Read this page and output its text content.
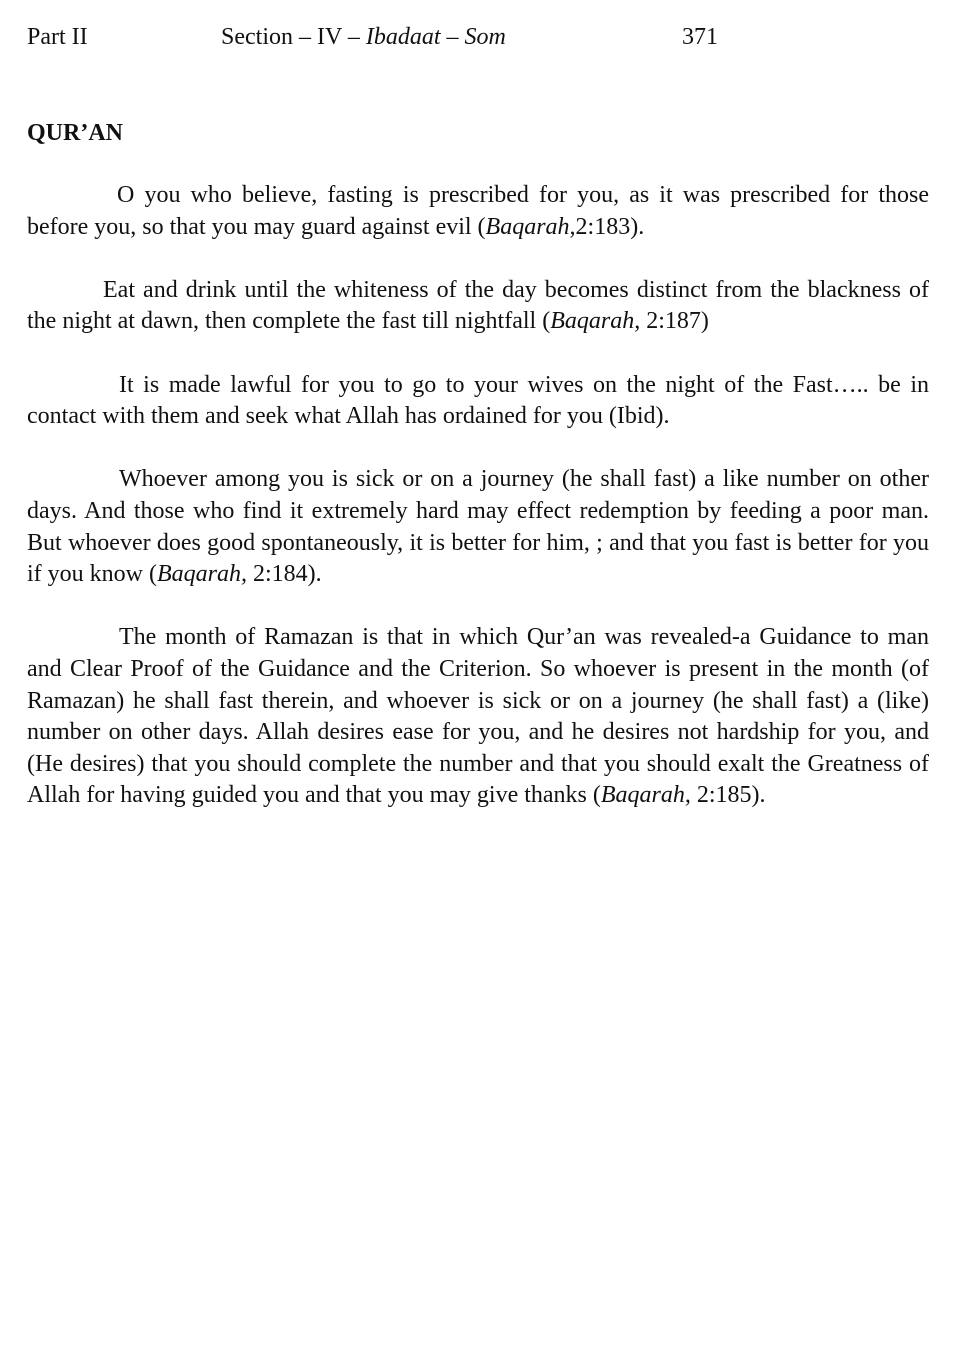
Part II	Section – IV – Ibadaat – Som	371
QUR’AN

O you who believe, fasting is prescribed for you, as it was prescribed for those before you, so that you may guard against evil (Baqarah,2:183).

Eat and drink until the whiteness of the day becomes distinct from the blackness of the night at dawn, then complete the fast till nightfall (Baqarah, 2:187)

It is made lawful for you to go to your wives on the night of the Fast….. be in contact with them and seek what Allah has ordained for you (Ibid).

Whoever among you is sick or on a journey (he shall fast) a like number on other days. And those who find it extremely hard may effect redemption by feeding a poor man. But whoever does good spontaneously, it is better for him, ; and that you fast is better for you if you know (Baqarah, 2:184).

The month of Ramazan is that in which Qur’an was revealed-a Guidance to man and Clear Proof of the Guidance and the Criterion. So whoever is present in the month (of Ramazan) he shall fast therein, and whoever is sick or on a journey (he shall fast) a (like) number on other days. Allah desires ease for you, and he desires not hardship for you, and (He desires) that you should complete the number and that you should exalt the Greatness of Allah for having guided you and that you may give thanks (Baqarah, 2:185).
